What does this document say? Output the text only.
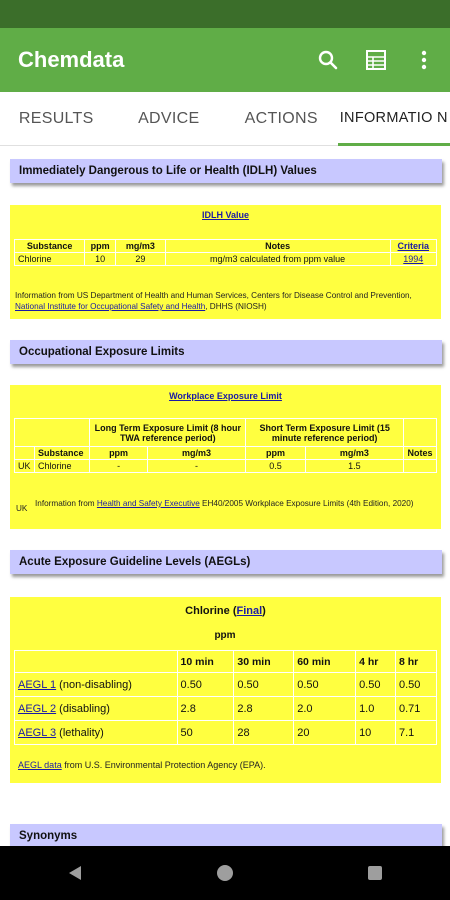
Chemdata
RESULTS	ADVICE	ACTIONS	INFORMATIO N
Immediately Dangerous to Life or Health (IDLH) Values
IDLH Value
Substance	ppm	mg/m3	Notes	Criteria
Chlorine	10	29	mg/m3 calculated from ppm value	1994
Information from US Department of Health and Human Services, Centers for Disease Control and Prevention, National Institute for Occupational Safety and Health, DHHS (NIOSH)
Occupational Exposure Limits
Workplace Exposure Limit
		Long Term Exposure Limit (8 hour TWA reference period)		Short Term Exposure Limit (15 minute reference period)		
	Substance	ppm	mg/m3	ppm	mg/m3	Notes
UK	Chlorine	-	-	0.5	1.5	
UK
Information from Health and Safety Executive EH40/2005 Workplace Exposure Limits (4th Edition, 2020)
Acute Exposure Guideline Levels (AEGLs)
Chlorine (Final)
ppm
	10 min	30 min	60 min	4 hr	8 hr
AEGL 1 (non-disabling)	0.50	0.50	0.50	0.50	0.50
AEGL 2 (disabling)	2.8	2.8	2.0	1.0	0.71
AEGL 3 (lethality)	50	28	20	10	7.1
AEGL data from U.S. Environmental Protection Agency (EPA).
Synonyms
